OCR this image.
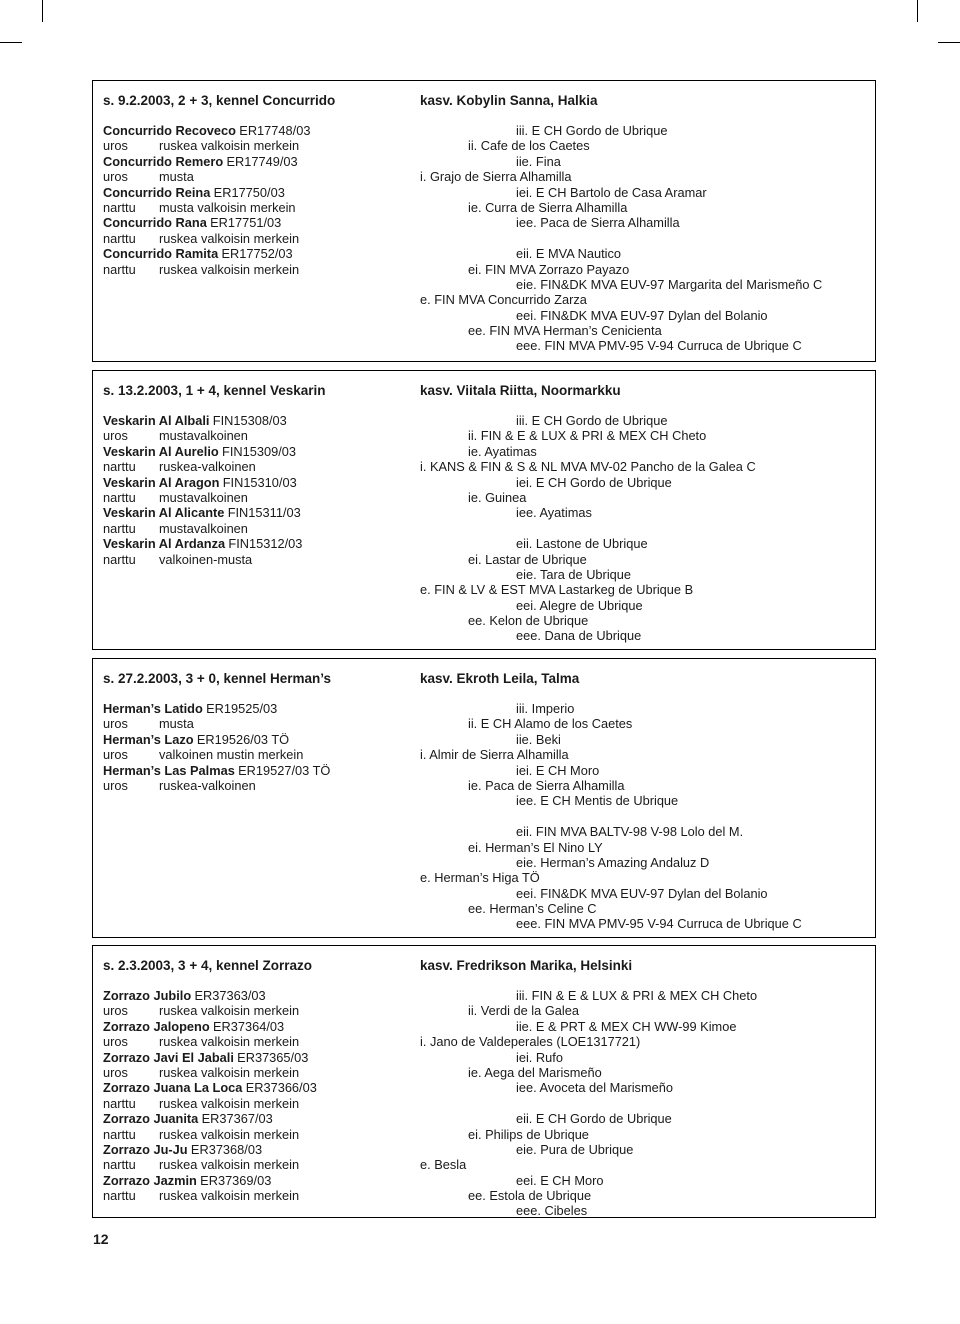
s. 9.2.2003, 2 + 3, kennel Concurrido	kasv. Kobylin Sanna, Halkia
Concurrido Recoveco ER17748/03
uros ruskea valkoisin merkein
Concurrido Remero ER17749/03
uros musta
Concurrido Reina ER17750/03
narttu musta valkoisin merkein
Concurrido Rana ER17751/03
narttu ruskea valkoisin merkein
Concurrido Ramita ER17752/03
narttu ruskea valkoisin merkein
iii. E CH Gordo de Ubrique
ii. Cafe de los Caetes
iie. Fina
i. Grajo de Sierra Alhamilla
iei. E CH Bartolo de Casa Aramar
ie. Curra de Sierra Alhamilla
iee. Paca de Sierra Alhamilla
eii. E MVA Nautico
ei. FIN MVA Zorrazo Payazo
eie. FIN&DK MVA EUV-97 Margarita del Marismeño C
e. FIN MVA Concurrido Zarza
eei. FIN&DK MVA EUV-97 Dylan del Bolanio
ee. FIN MVA Herman’s Cenicienta
eee. FIN MVA PMV-95 V-94 Curruca de Ubrique C
s. 13.2.2003, 1 + 4, kennel Veskarin	kasv. Viitala Riitta, Noormarkku
Veskarin Al Albali FIN15308/03
uros mustavalkoinen
Veskarin Al Aurelio FIN15309/03
narttu ruskea-valkoinen
Veskarin Al Aragon FIN15310/03
narttu mustavalkoinen
Veskarin Al Alicante FIN15311/03
narttu mustavalkoinen
Veskarin Al Ardanza FIN15312/03
narttu valkoinen-musta
iii. E CH Gordo de Ubrique
ii. FIN & E & LUX & PRI & MEX CH Cheto
ie. Ayatimas
i. KANS & FIN & S & NL MVA MV-02 Pancho de la Galea C
iei. E CH Gordo de Ubrique
ie. Guinea
iee. Ayatimas
eii. Lastone de Ubrique
ei. Lastar de Ubrique
eie. Tara de Ubrique
e. FIN & LV & EST MVA Lastarkeg de Ubrique B
eei. Alegre de Ubrique
ee. Kelon de Ubrique
eee. Dana de Ubrique
s. 27.2.2003, 3 + 0, kennel Herman’s	kasv. Ekroth Leila, Talma
Herman’s Latido ER19525/03
uros musta
Herman’s Lazo ER19526/03 TÖ
uros valkoinen mustin merkein
Herman’s Las Palmas ER19527/03 TÖ
uros ruskea-valkoinen
iii. Imperio
ii. E CH Alamo de los Caetes
iie. Beki
i. Almir de Sierra Alhamilla
iei. E CH Moro
ie. Paca de Sierra Alhamilla
iee. E CH Mentis de Ubrique
eii. FIN MVA BALTV-98 V-98 Lolo del M.
ei. Herman’s El Nino LY
eie. Herman’s Amazing Andaluz D
e. Herman’s Higa TÖ
eei. FIN&DK MVA EUV-97 Dylan del Bolanio
ee. Herman’s Celine C
eee. FIN MVA PMV-95 V-94 Curruca de Ubrique C
s. 2.3.2003, 3 + 4, kennel Zorrazo	kasv. Fredrikson Marika, Helsinki
Zorrazo Jubilo ER37363/03
uros ruskea valkoisin merkein
Zorrazo Jalopeno ER37364/03
uros ruskea valkoisin merkein
Zorrazo Javi El Jabali ER37365/03
uros ruskea valkoisin merkein
Zorrazo Juana La Loca ER37366/03
narttu ruskea valkoisin merkein
Zorrazo Juanita ER37367/03
narttu ruskea valkoisin merkein
Zorrazo Ju-Ju ER37368/03
narttu ruskea valkoisin merkein
Zorrazo Jazmin ER37369/03
narttu ruskea valkoisin merkein
iii. FIN & E & LUX & PRI & MEX CH Cheto
ii. Verdi de la Galea
iie. E & PRT & MEX CH WW-99 Kimoe
i. Jano de Valdeperales (LOE1317721)
iei. Rufo
ie. Aega del Marismeño
iee. Avoceta del Marismeño
eii. E CH Gordo de Ubrique
ei. Philips de Ubrique
eie. Pura de Ubrique
e. Besla
eei. E CH Moro
ee. Estola de Ubrique
eee. Cibeles
12
